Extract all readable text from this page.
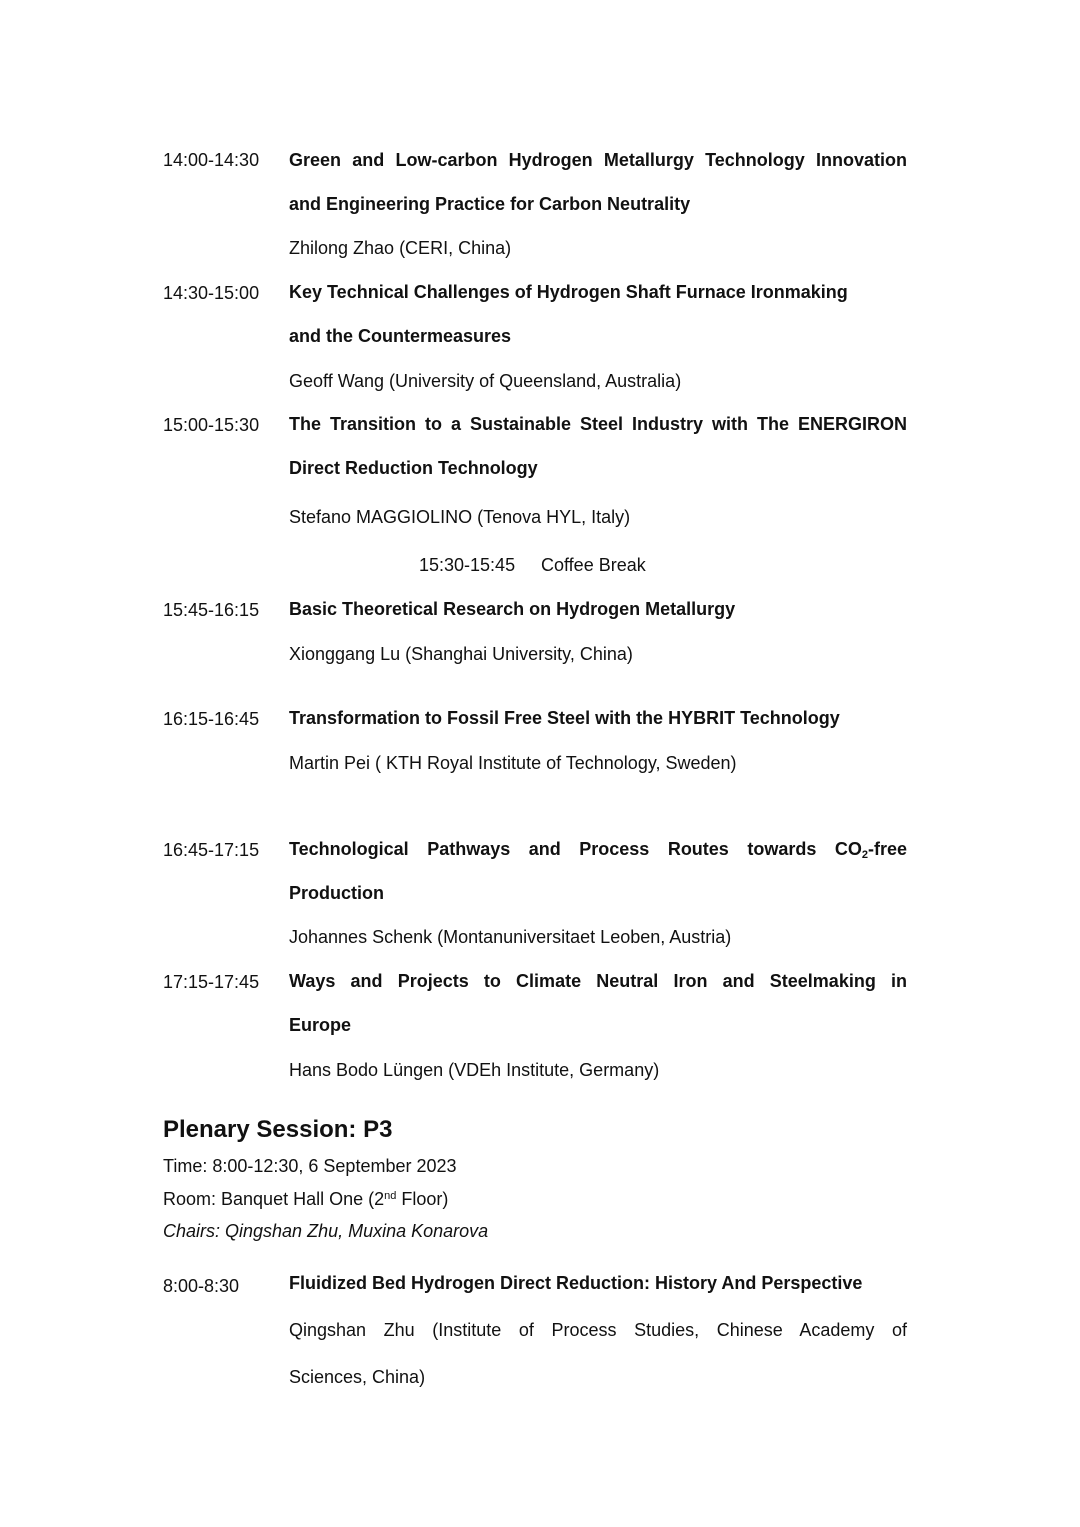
14:00-14:30 Green and Low-carbon Hydrogen Metallurgy Technology Innovation
and Engineering Practice for Carbon Neutrality
Zhilong Zhao (CERI, China)
14:30-15:00 Key Technical Challenges of Hydrogen Shaft Furnace Ironmaking
and the Countermeasures
Geoff Wang (University of Queensland, Australia)
15:00-15:30 The Transition to a Sustainable Steel Industry with The ENERGIRON
Direct Reduction Technology
Stefano MAGGIOLINO (Tenova HYL, Italy)
15:30-15:45 Coffee Break
15:45-16:15 Basic Theoretical Research on Hydrogen Metallurgy
Xionggang Lu (Shanghai University, China)
16:15-16:45 Transformation to Fossil Free Steel with the HYBRIT Technology
Martin Pei ( KTH Royal Institute of Technology, Sweden)
16:45-17:15 Technological Pathways and Process Routes towards $CO_2$-free
Production
Johannes Schenk (Montanuniversitaet Leoben, Austria)
17:15-17:45 Ways and Projects to Climate Neutral Iron and Steelmaking in
Europe
Hans Bodo Lüngen (VDEh Institute, Germany)
Plenary Session: P3
Time: 8:00-12:30, 6 September 2023
Room: Banquet Hall One (2nd Floor)
Chairs: Qingshan Zhu, Muxina Konarova
8:00-8:30	Fluidized Bed Hydrogen Direct Reduction: History And Perspective
Qingshan Zhu (Institute of Process Studies, Chinese Academy of
Sciences, China)
